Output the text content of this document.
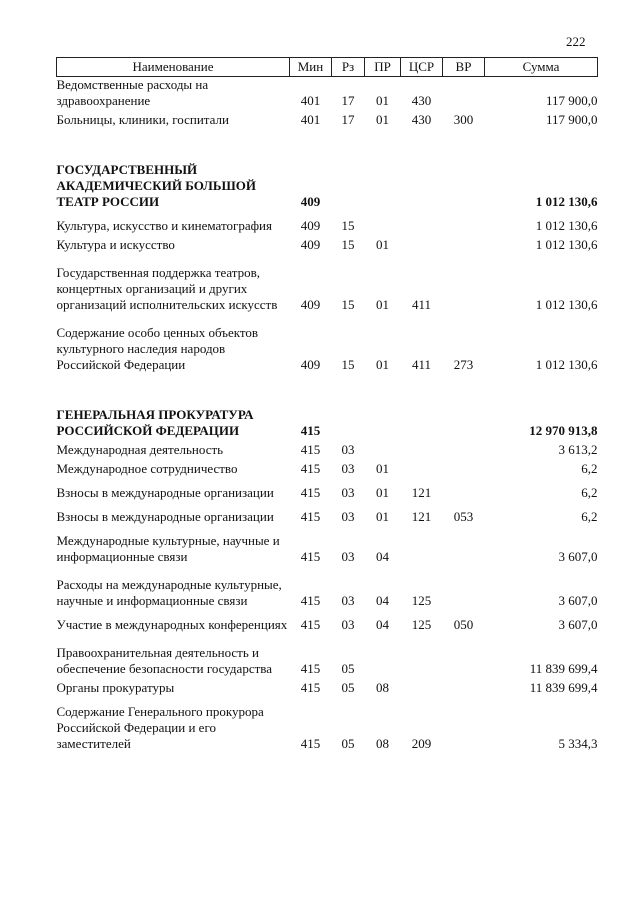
222
Наименование	Мин	Рз	ПР	ЦСР	ВР	Сумма
Ведомственные расходы на здравоохранение	401	17	01	430		117 900,0
Больницы, клиники, госпитали	401	17	01	430	300	117 900,0

ГОСУДАРСТВЕННЫЙ АКАДЕМИЧЕСКИЙ БОЛЬШОЙ ТЕАТР РОССИИ	409					1 012 130,6
Культура, искусство и кинематография	409	15				1 012 130,6
Культура и искусство	409	15	01			1 012 130,6
Государственная поддержка театров, концертных организаций и других организаций исполнительских искусств	409	15	01	411		1 012 130,6
Содержание особо ценных объектов культурного наследия народов Российской Федерации	409	15	01	411	273	1 012 130,6

ГЕНЕРАЛЬНАЯ ПРОКУРАТУРА РОССИЙСКОЙ ФЕДЕРАЦИИ	415					12 970 913,8
Международная деятельность	415	03				3 613,2
Международное сотрудничество	415	03	01			6,2
Взносы в международные организации	415	03	01	121		6,2
Взносы в международные организации	415	03	01	121	053	6,2
Международные культурные, научные и информационные связи	415	03	04			3 607,0
Расходы на международные культурные, научные и информационные связи	415	03	04	125		3 607,0
Участие в международных конференциях	415	03	04	125	050	3 607,0
Правоохранительная деятельность и обеспечение безопасности государства	415	05				11 839 699,4
Органы прокуратуры	415	05	08			11 839 699,4
Содержание Генерального прокурора Российской Федерации и его заместителей	415	05	08	209		5 334,3
